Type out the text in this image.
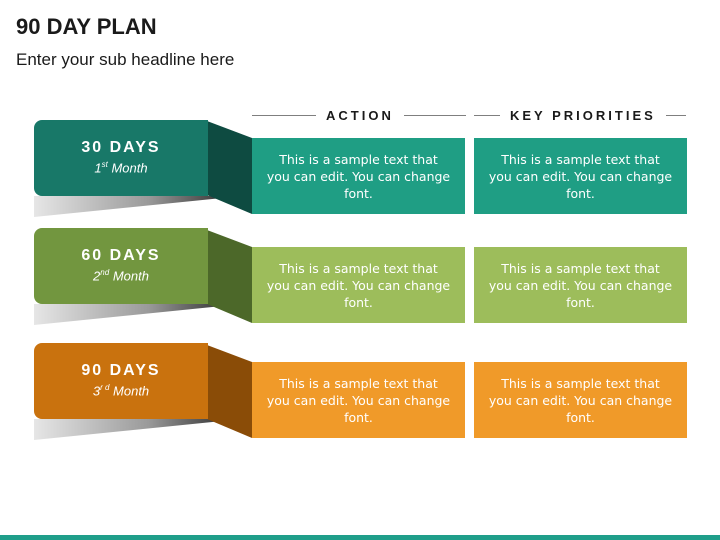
90 DAY PLAN
Enter your sub headline here
ACTION	KEY PRIORITIES
30 DAYS
1st Month
This is a sample text that you can edit. You can change font.
This is a sample text that you can edit. You can change font.
60 DAYS
2nd Month
This is a sample text that you can edit. You can change font.
This is a sample text that you can edit. You can change font.
90 DAYS
$3^{r d}$ Month
This is a sample text that you can edit. You can change font.
This is a sample text that you can edit. You can change font.
